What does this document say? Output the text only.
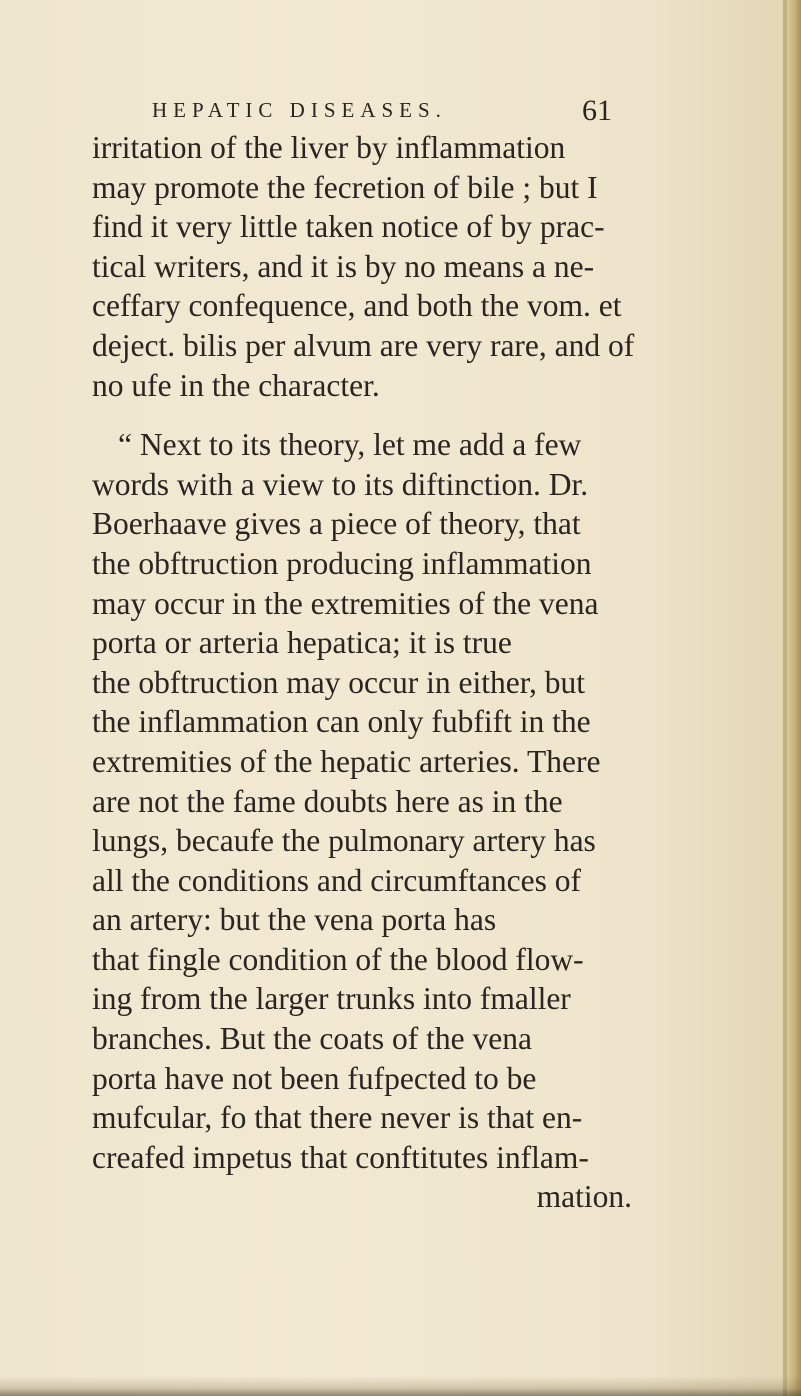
HEPATIC DISEASES.	61
irritation of the liver by inflammation
may promote the fecretion of bile ; but I
find it very little taken notice of by prac-
tical writers, and it is by no means a ne-
ceffary confequence, and both the vom. et
deject. bilis per alvum are very rare, and of
no ufe in the character.
“ Next to its theory, let me add a few
words with a view to its diftinction. Dr.
Boerhaave gives a piece of theory, that
the obftruction producing inflammation
may occur in the extremities of the vena
porta or arteria hepatica; it is true
the obftruction may occur in either, but
the inflammation can only fubfift in the
extremities of the hepatic arteries. There
are not the fame doubts here as in the
lungs, becaufe the pulmonary artery has
all the conditions and circumftances of
an artery: but the vena porta has
that fingle condition of the blood flow-
ing from the larger trunks into fmaller
branches. But the coats of the vena
porta have not been fufpected to be
mufcular, fo that there never is that en-
creafed impetus that conftitutes inflam-
mation.
